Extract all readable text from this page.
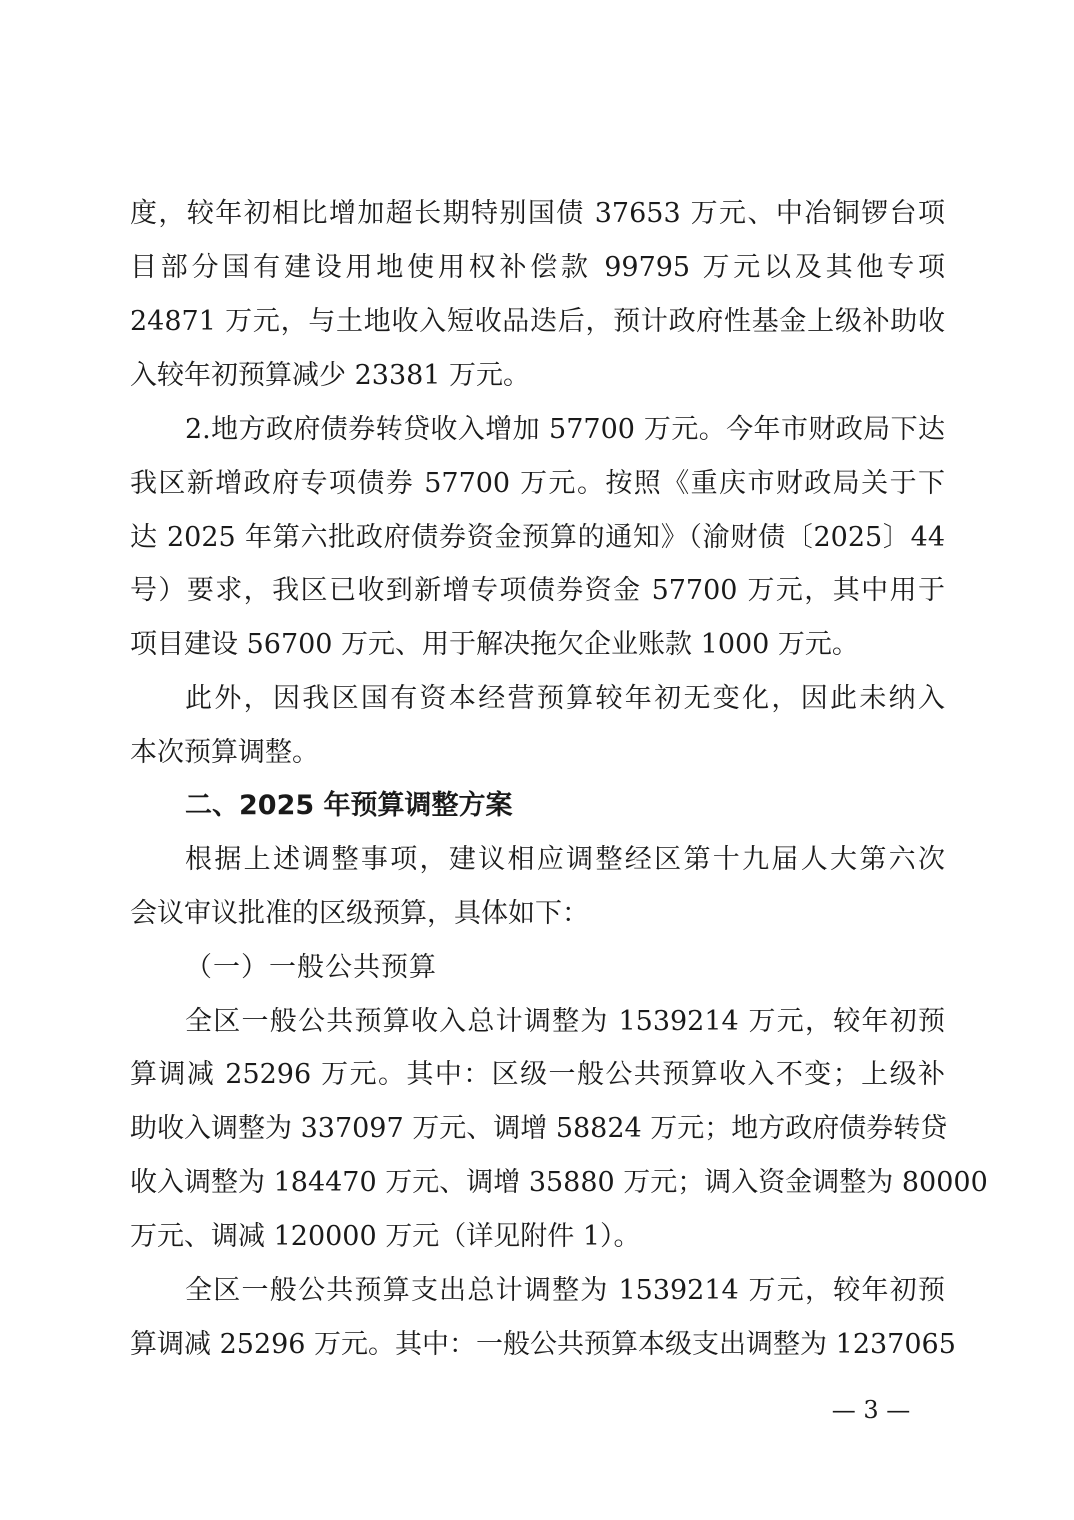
度，较年初相比增加超长期特别国债 37653 万元、中冶铜锣台项
目部分国有建设用地使用权补偿款 99795 万元以及其他专项
24871 万元，与土地收入短收品迭后，预计政府性基金上级补助收
入较年初预算减少 23381 万元。
2.地方政府债券转贷收入增加 57700 万元。今年市财政局下达
我区新增政府专项债券 57700 万元。按照《重庆市财政局关于下
达 2025 年第六批政府债券资金预算的通知》（渝财债〔2025〕44
号）要求，我区已收到新增专项债券资金 57700 万元，其中用于
项目建设 56700 万元、用于解决拖欠企业账款 1000 万元。
此外，因我区国有资本经营预算较年初无变化，因此未纳入
本次预算调整。
二、2025 年预算调整方案
根据上述调整事项，建议相应调整经区第十九届人大第六次
会议审议批准的区级预算，具体如下：
（一）一般公共预算
全区一般公共预算收入总计调整为 1539214 万元，较年初预
算调减 25296 万元。其中：区级一般公共预算收入不变；上级补
助收入调整为 337097 万元、调增 58824 万元；地方政府债券转贷
收入调整为 184470 万元、调增 35880 万元；调入资金调整为 80000
万元、调减 120000 万元（详见附件 1）。
全区一般公共预算支出总计调整为 1539214 万元，较年初预
算调减 25296 万元。其中：一般公共预算本级支出调整为 1237065
— 3 —
